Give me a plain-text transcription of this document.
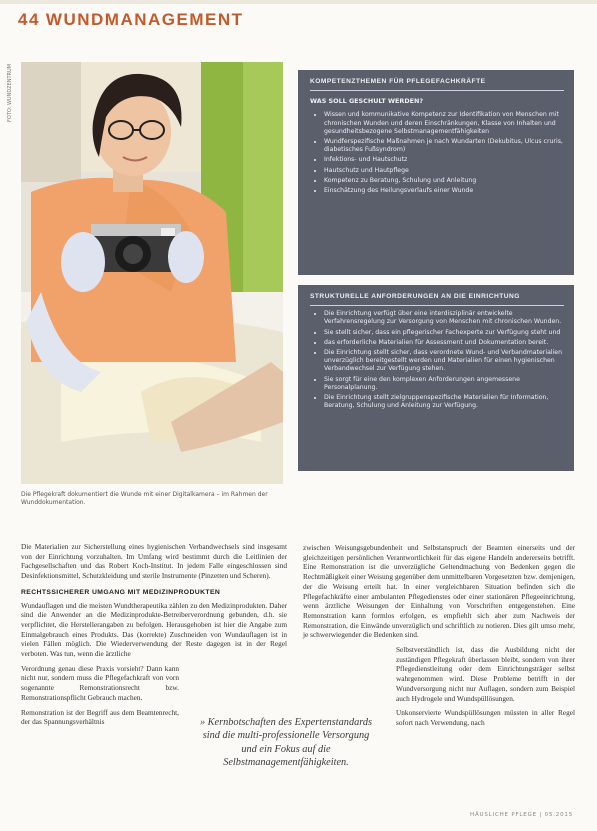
44 WUNDMANAGEMENT
FOTO: WUNDZENTRUM
Die Pflegekraft dokumentiert die Wunde mit einer Digitalkamera – im Rahmen der Wunddokumentation.
KOMPETENZTHEMEN FÜR PFLEGEFACHKRÄFTE
WAS SOLL GESCHULT WERDEN?
• Wissen und kommunikative Kompetenz zur Identifikation von Menschen mit chronischen Wunden und deren Einschränkungen, Klasse von Inhalten und gesundheitsbezogene Selbstmanagementfähigkeiten
• Wundferspezifische Maßnahmen je nach Wundarten (Dekubitus, Ulcus cruris, diabetisches Fußsyndrom)
• Infektions- und Hautschutz
• Hautschutz und Hautpflege
• Kompetenz zu Beratung, Schulung und Anleitung
• Einschätzung des Heilungsverlaufs einer Wunde
STRUKTURELLE ANFORDERUNGEN AN DIE EINRICHTUNG
• Die Einrichtung verfügt über eine interdisziplinär entwickelte Verfahrensregelung zur Versorgung von Menschen mit chronischen Wunden.
• Sie stellt sicher, dass ein pflegerischer Fachexperte zur Verfügung steht und
• das erforderliche Materialien für Assessment und Dokumentation bereit.
• Die Einrichtung stellt sicher, dass verordnete Wund- und Verbandmaterialien unverzüglich bereitgestellt werden und Materialien für einen hygienischen Verbandwechsel zur Verfügung stehen.
• Sie sorgt für eine den komplexen Anforderungen angemessene Personalplanung.
• Die Einrichtung stellt zielgruppenspezifische Materialien für Information, Beratung, Schulung und Anleitung zur Verfügung.

Die Materialien zur Sicherstellung eines hygienischen Verbandwechsels sind insgesamt von der Einrichtung vorzuhalten. Im Umfang wird bestimmt durch die Leitlinien der Fachgesellschaften und das Robert Koch-Institut. In jedem Falle eingeschlossen sind Desinfektionsmittel, Schutzkleidung und sterile Instrumente (Pinzetten und Scheren).

RECHTSSICHERER UMGANG MIT MEDIZINPRODUKTEN

Wundauflagen und die meisten Wundtherapeutika zählen zu den Medizinprodukten. Daher sind die Anwender an die Medizinprodukte-Betreiberverordnung gebunden, d.h. sie verpflichtet, die Herstellerangaben zu befolgen. Herausgehoben ist hier die Angabe zum Einmalgebrauch eines Produkts. Das (korrekte) Zuschneiden von Wundauflagen ist in vielen Fällen möglich. Die Wiederverwendung der Reste dagegen ist in der Regel verboten. Was tun, wenn die ärztliche

Verordnung genau diese Praxis vorsieht? Dann kann nicht nur, sondern muss die Pflegefachkraft von vorn sogenannte Remonstrationsrecht bzw. Remonstrationspflicht Gebrauch machen.

Remonstration ist der Begriff aus dem Beamtenrecht, der das Spannungsverhältnis	» Kernbotschaften des Expertenstandards sind die multi-professionelle Versorgung und ein Fokus auf die Selbstmanagementfähigkeiten.

zwischen Weisungsgebundenheit und Selbstanspruch der Beamten einerseits und der gleichzeitigen persönlichen Verantwortlichkeit für das eigene Handeln andererseits betrifft. Eine Remonstration ist die unverzügliche Geltendmachung von Bedenken gegen die Rechtmäßigkeit einer Weisung gegenüber dem unmittelbaren Vorgesetzten bzw. demjenigen, der die Weisung erteilt hat. In einer vergleichbaren Situation befinden sich die Pflegefachkräfte einer ambulanten Pflegedienstes oder einer stationären Pflegeeinrichtung, wenn ärztliche Weisungen der Einhaltung von Vorschriften entgegenstehen. Eine Remonstration kann formlos erfolgen, es empfiehlt sich aber zum Nachweis der Remonstration, die Einwände unverzüglich und schriftlich zu notieren. Dies gilt umso mehr, je schwerwiegender die Bedenken sind.

Selbstverständlich ist, dass die Ausbildung nicht der zuständigen Pflegekraft überlassen bleibt, sondern von ihrer Pflegedienstleitung oder dem Einrichtungsträger selbst wahrgenommen wird. Diese Probleme betrifft in der Wundversorgung nicht nur Auflagen, sondern zum Beispiel auch Hydrogele und Wundspüllösungen.

Unkonservierte Wundspüllösungen müssten in aller Regel sofort nach Verwendung, nach

HÄUSLICHE PFLEGE | 05.2015
